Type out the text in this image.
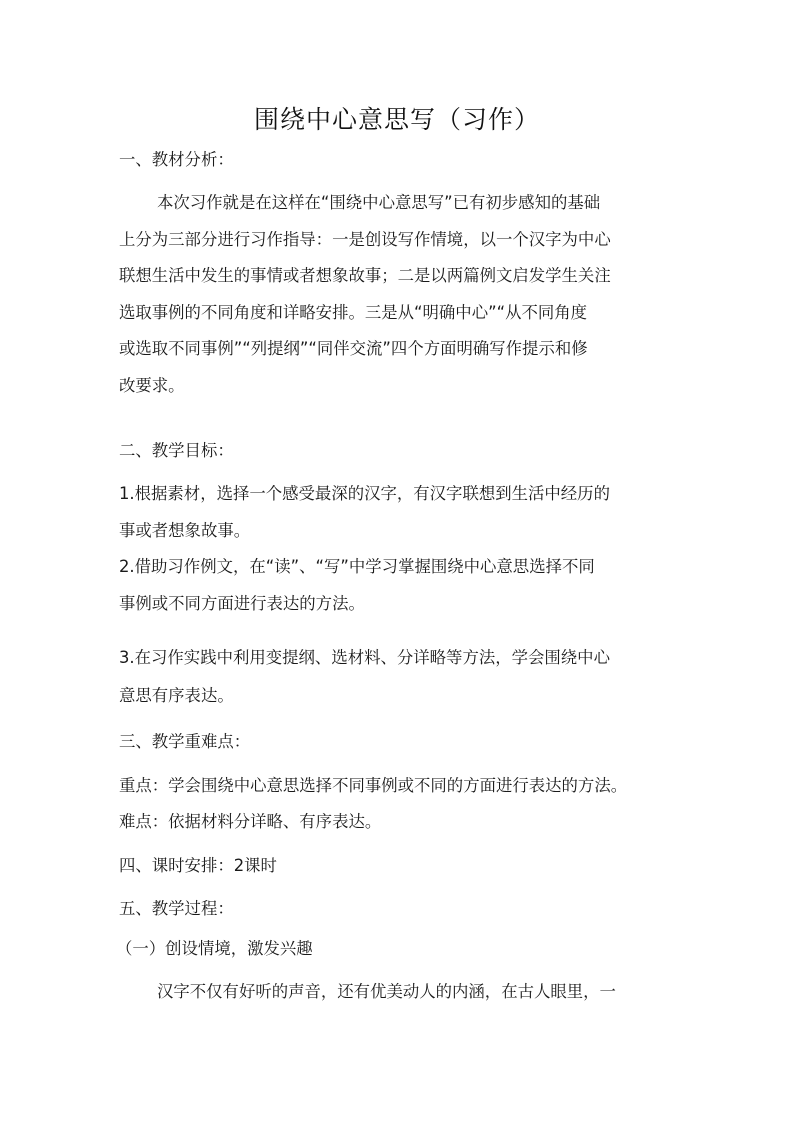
围绕中心意思写（习作）
一、教材分析：
本次习作就是在这样在“围绕中心意思写”已有初步感知的基础
上分为三部分进行习作指导：一是创设写作情境，以一个汉字为中心
联想生活中发生的事情或者想象故事；二是以两篇例文启发学生关注
选取事例的不同角度和详略安排。三是从“明确中心”“从不同角度
或选取不同事例”“列提纲”“同伴交流”四个方面明确写作提示和修
改要求。
二、教学目标：
1.根据素材，选择一个感受最深的汉字，有汉字联想到生活中经历的
事或者想象故事。
2.借助习作例文，在“读”、“写”中学习掌握围绕中心意思选择不同
事例或不同方面进行表达的方法。
3.在习作实践中利用变提纲、选材料、分详略等方法，学会围绕中心
意思有序表达。
三、教学重难点：
重点：学会围绕中心意思选择不同事例或不同的方面进行表达的方法。
难点：依据材料分详略、有序表达。
四、课时安排：2课时
五、教学过程：
（一）创设情境，激发兴趣
汉字不仅有好听的声音，还有优美动人的内涵，在古人眼里，一
